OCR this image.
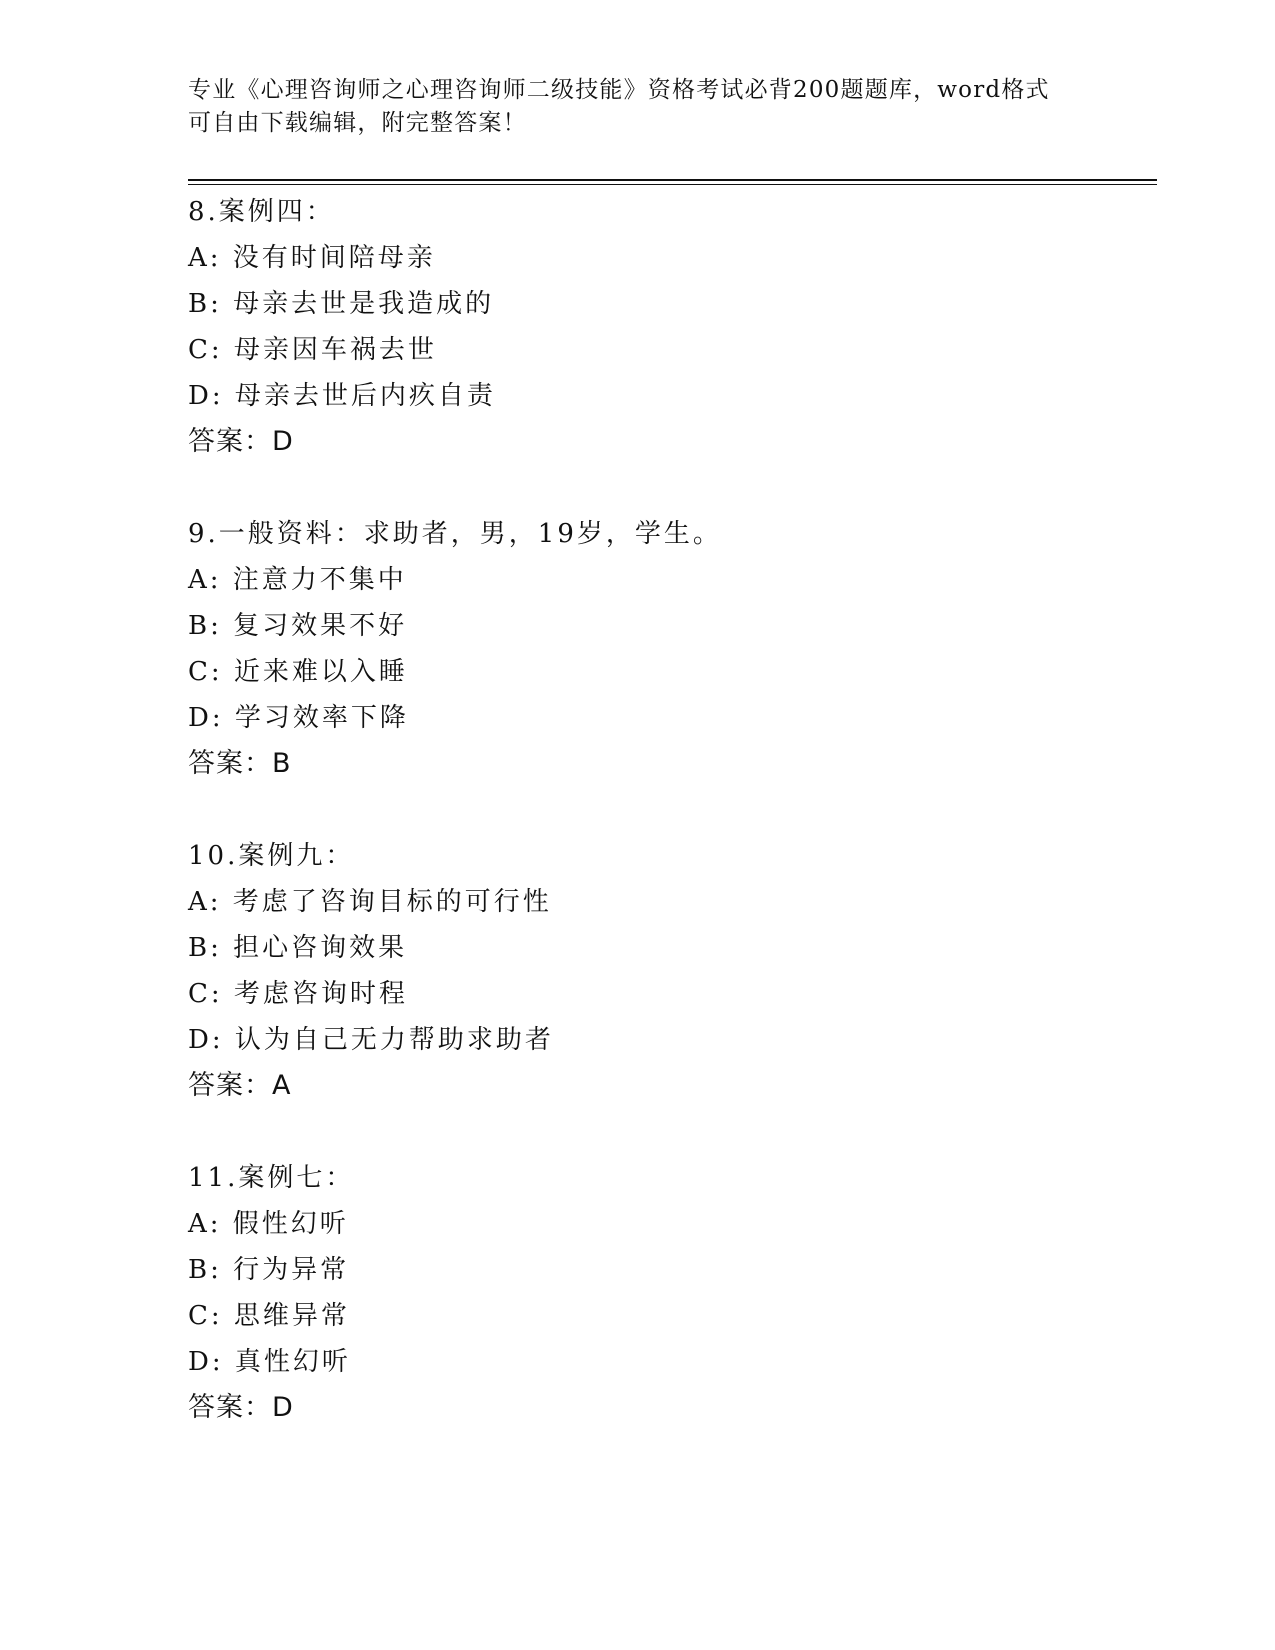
专业《心理咨询师之心理咨询师二级技能》资格考试必背200题题库，word格式
可自由下载编辑，附完整答案！
8.案例四：
A: 没有时间陪母亲
B: 母亲去世是我造成的
C: 母亲因车祸去世
D: 母亲去世后内疚自责
答案：D
9.一般资料：求助者，男，19岁，学生。
A: 注意力不集中
B: 复习效果不好
C: 近来难以入睡
D: 学习效率下降
答案：B
10.案例九：
A: 考虑了咨询目标的可行性
B: 担心咨询效果
C: 考虑咨询时程
D: 认为自己无力帮助求助者
答案：A
11.案例七：
A: 假性幻听
B: 行为异常
C: 思维异常
D: 真性幻听
答案：D
